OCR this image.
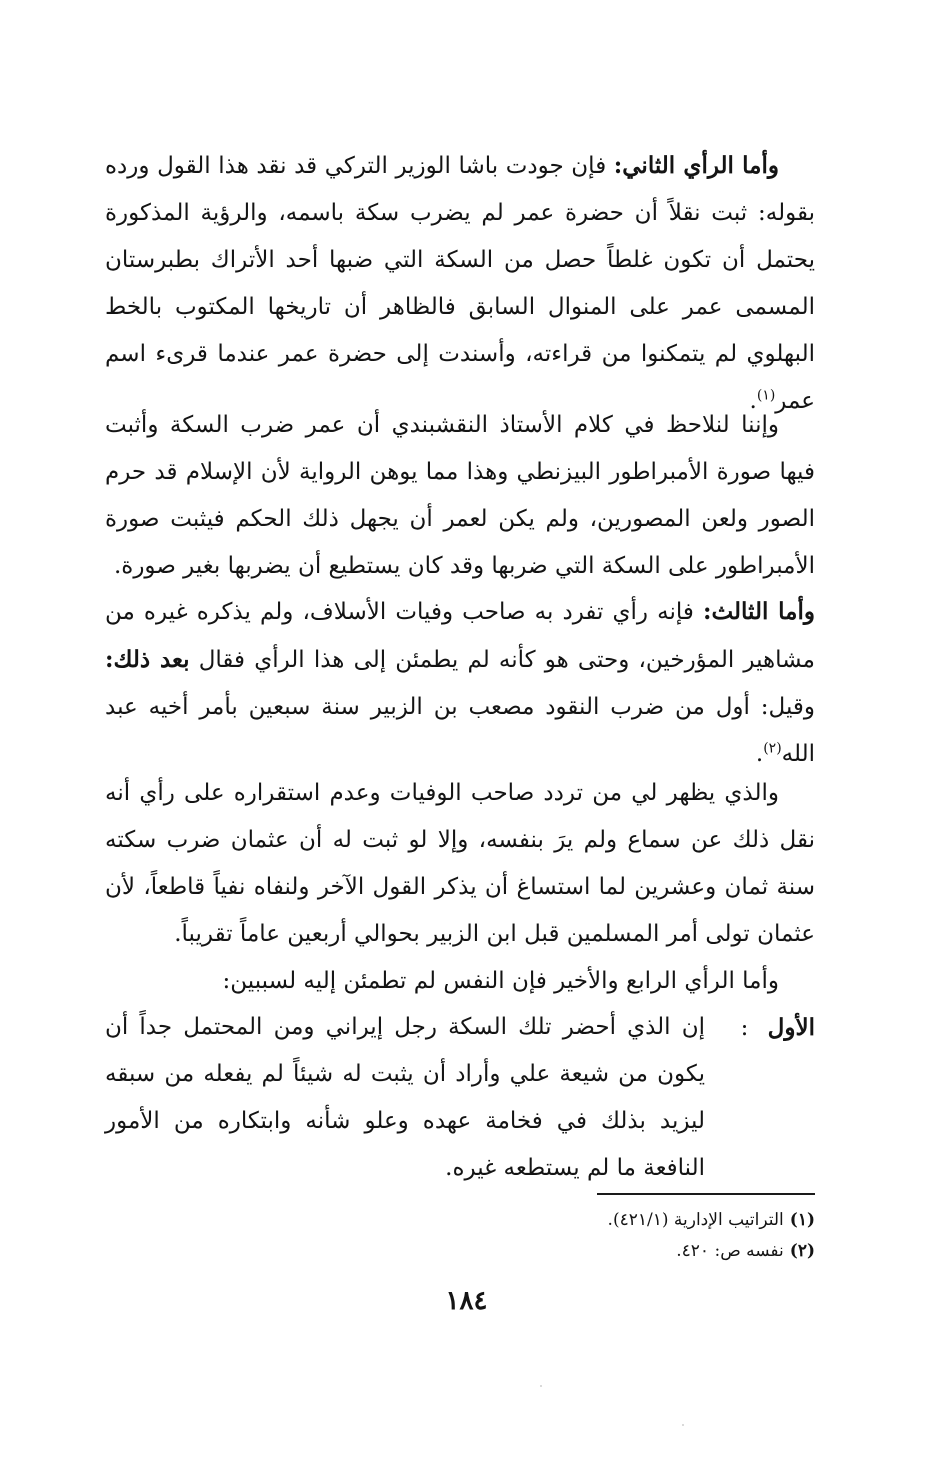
وأما الرأي الثاني: فإن جودت باشا الوزير التركي قد نقد هذا القول ورده بقوله: ثبت نقلاً أن حضرة عمر لم يضرب سكة باسمه، والرؤية المذكورة يحتمل أن تكون غلطاً حصل من السكة التي ضبها أحد الأتراك بطبرستان المسمى عمر على المنوال السابق فالظاهر أن تاريخها المكتوب بالخط البهلوي لم يتمكنوا من قراءته، وأسندت إلى حضرة عمر عندما قرىء اسم عمر$^{(١)}$.
وإننا لنلاحظ في كلام الأستاذ النقشبندي أن عمر ضرب السكة وأثبت فيها صورة الأمبراطور البيزنطي وهذا مما يوهن الرواية لأن الإسلام قد حرم الصور ولعن المصورين، ولم يكن لعمر أن يجهل ذلك الحكم فيثبت صورة الأمبراطور على السكة التي ضربها وقد كان يستطيع أن يضربها بغير صورة.
وأما الثالث: فإنه رأي تفرد به صاحب وفيات الأسلاف، ولم يذكره غيره من مشاهير المؤرخين، وحتى هو كأنه لم يطمئن إلى هذا الرأي فقال بعد ذلك: وقيل: أول من ضرب النقود مصعب بن الزبير سنة سبعين بأمر أخيه عبد الله$^{(٢)}$.
والذي يظهر لي من تردد صاحب الوفيات وعدم استقراره على رأي أنه نقل ذلك عن سماع ولم يرَ بنفسه، وإلا لو ثبت له أن عثمان ضرب سكته سنة ثمان وعشرين لما استساغ أن يذكر القول الآخر ولنفاه نفياً قاطعاً، لأن عثمان تولى أمر المسلمين قبل ابن الزبير بحوالي أربعين عاماً تقريباً.
وأما الرأي الرابع والأخير فإن النفس لم تطمئن إليه لسببين:
الأول :
إن الذي أحضر تلك السكة رجل إيراني ومن المحتمل جداً أن يكون من شيعة علي وأراد أن يثبت له شيئاً لم يفعله من سبقه ليزيد بذلك في فخامة عهده وعلو شأنه وابتكاره من الأمور النافعة ما لم يستطعه غيره.
(١)التراتيب الإدارية (٤٢١/١).
(٢)نفسه ص: ٤٢٠.
١٨٤
